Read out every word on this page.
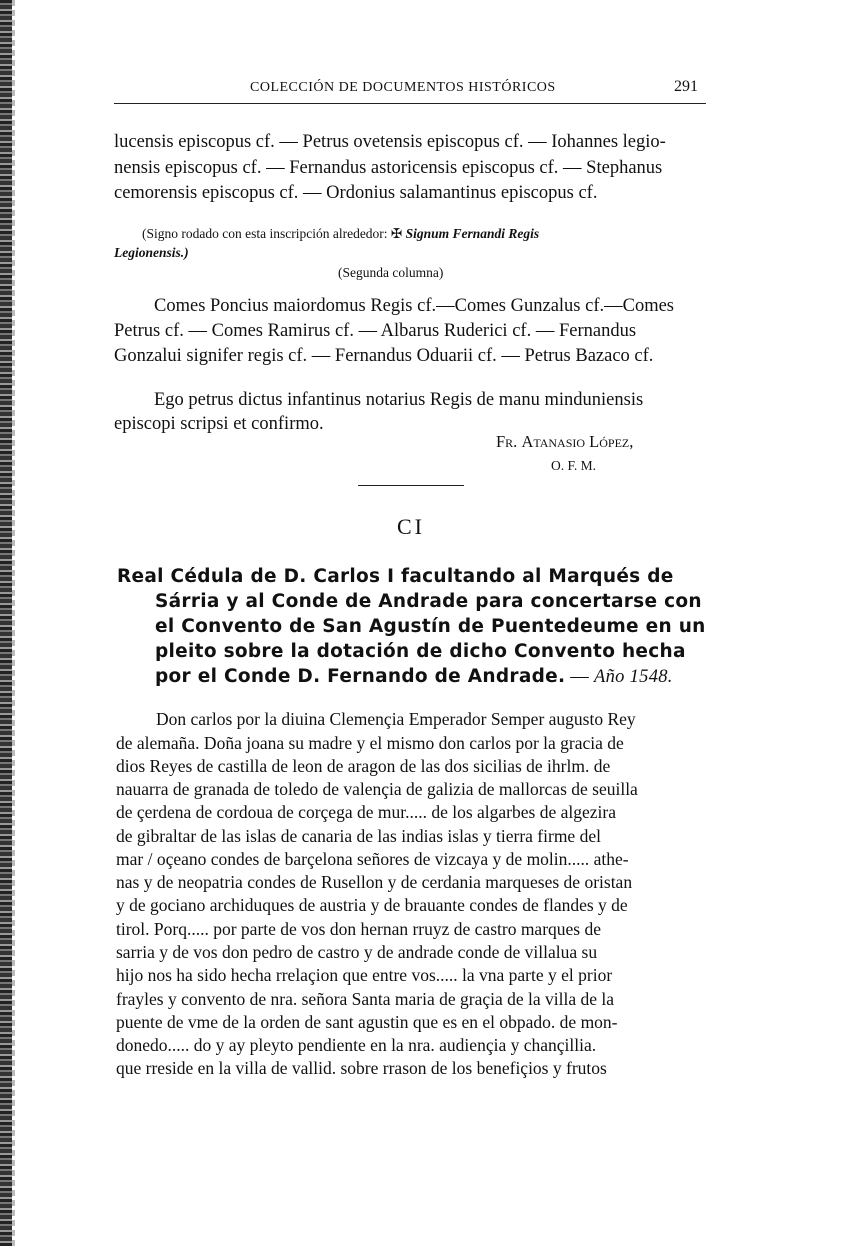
COLECCIÓN DE DOCUMENTOS HISTÓRICOS	291
lucensis episcopus cf. — Petrus ovetensis episcopus cf. — Iohannes legio-
nensis episcopus cf. — Fernandus astoricensis episcopus cf. — Stephanus
cemorensis episcopus cf. — Ordonius salamantinus episcopus cf.
(Signo rodado con esta inscripción alrededor: ✠ Signum Fernandi Regis
Legionensis.)
(Segunda columna)
Comes Poncius maiordomus Regis cf.—Comes Gunzalus cf.—Comes
Petrus cf. — Comes Ramirus cf. — Albarus Ruderici cf. — Fernandus
Gonzalui signifer regis cf. — Fernandus Oduarii cf. — Petrus Bazaco cf.
Ego petrus dictus infantinus notarius Regis de manu minduniensis
episcopi scripsi et confirmo.
Fr. Atanasio López,
O. F. M.
CI
Real Cédula de D. Carlos I facultando al Marqués de
Sárria y al Conde de Andrade para concertarse con
el Convento de San Agustín de Puentedeume en un
pleito sobre la dotación de dicho Convento hecha
por el Conde D. Fernando de Andrade. — Año 1548.
Don carlos por la diuina Clemençia Emperador Semper augusto Rey
de alemaña. Doña joana su madre y el mismo don carlos por la gracia de
dios Reyes de castilla de leon de aragon de las dos sicilias de ihrlm. de
nauarra de granada de toledo de valençia de galizia de mallorcas de seuilla
de çerdena de cordoua de corçega de mur..... de los algarbes de algezira
de gibraltar de las islas de canaria de las indias islas y tierra firme del
mar / oçeano condes de barçelona señores de vizcaya y de molin..... athe-
nas y de neopatria condes de Rusellon y de cerdania marqueses de oristan
y de gociano archiduques de austria y de brauante condes de flandes y de
tirol. Porq..... por parte de vos don hernan rruyz de castro marques de
sarria y de vos don pedro de castro y de andrade conde de villalua su
hijo nos ha sido hecha rrelaçion que entre vos..... la vna parte y el prior
frayles y convento de nra. señora Santa maria de graçia de la villa de la
puente de vme de la orden de sant agustin que es en el obpado. de mon-
donedo..... do y ay pleyto pendiente en la nra. audiençia y chançillia.
que rreside en la villa de vallid. sobre rrason de los benefiçios y frutos
